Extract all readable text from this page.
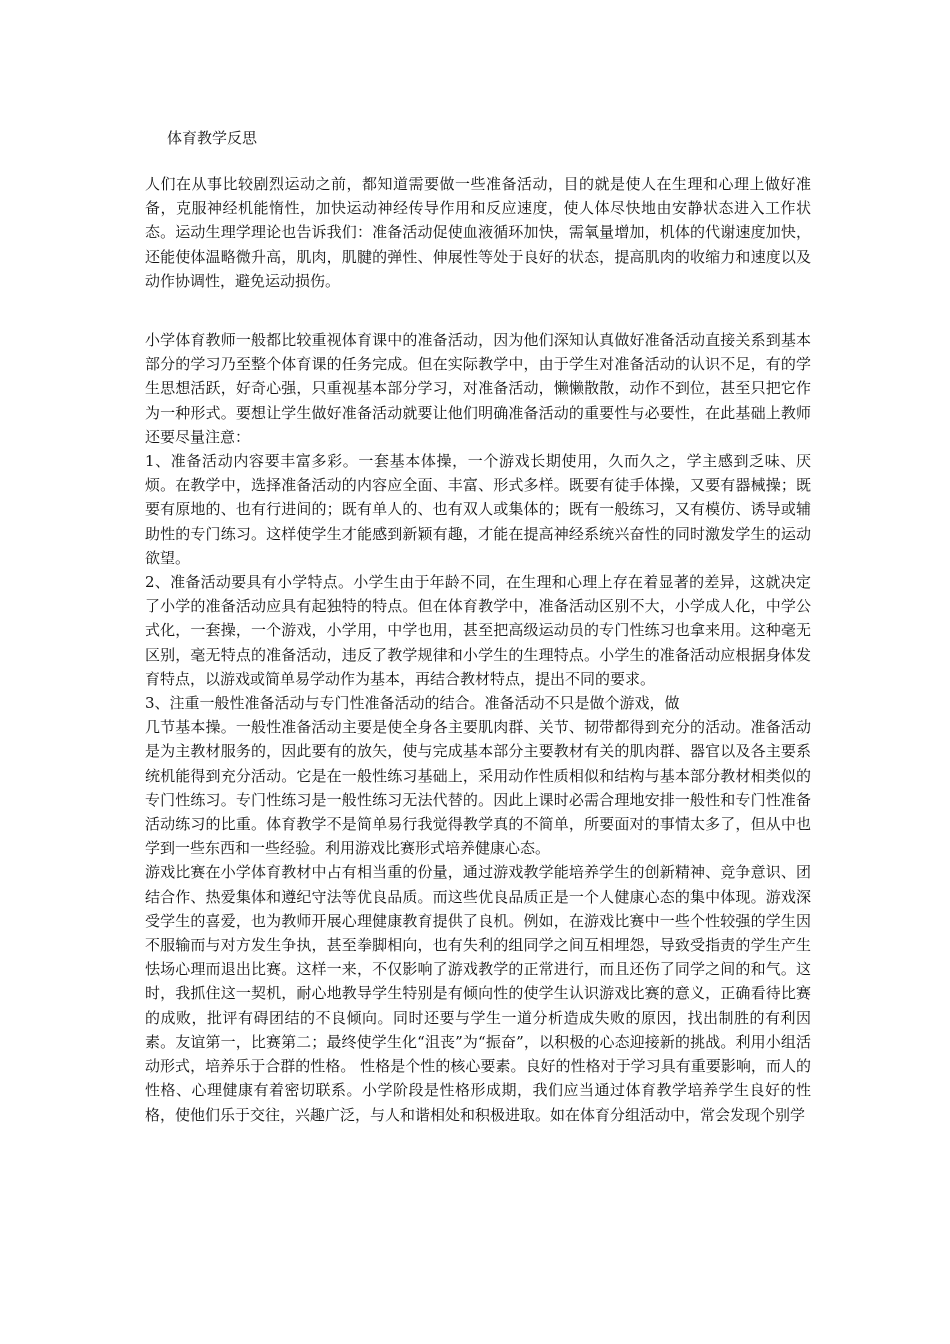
体育教学反思

人们在从事比较剧烈运动之前，都知道需要做一些准备活动，目的就是使人在生理和心理上做好准备，克服神经机能惰性，加快运动神经传导作用和反应速度，使人体尽快地由安静状态进入工作状态。运动生理学理论也告诉我们：准备活动促使血液循环加快，需氧量增加，机体的代谢速度加快，还能使体温略微升高，肌肉，肌腱的弹性、伸展性等处于良好的状态，提高肌肉的收缩力和速度以及动作协调性，避免运动损伤。

小学体育教师一般都比较重视体育课中的准备活动，因为他们深知认真做好准备活动直接关系到基本部分的学习乃至整个体育课的任务完成。但在实际教学中，由于学生对准备活动的认识不足，有的学生思想活跃，好奇心强，只重视基本部分学习，对准备活动，懒懒散散，动作不到位，甚至只把它作为一种形式。要想让学生做好准备活动就要让他们明确准备活动的重要性与必要性，在此基础上教师还要尽量注意：

1、准备活动内容要丰富多彩。一套基本体操，一个游戏长期使用，久而久之，学主感到乏味、厌烦。在教学中，选择准备活动的内容应全面、丰富、形式多样。既要有徒手体操，又要有器械操；既要有原地的、也有行进间的；既有单人的、也有双人或集体的；既有一般练习，又有模仿、诱导或辅助性的专门练习。这样使学生才能感到新颖有趣，才能在提高神经系统兴奋性的同时激发学生的运动欲望。

2、准备活动要具有小学特点。小学生由于年龄不同，在生理和心理上存在着显著的差异，这就决定了小学的准备活动应具有起独特的特点。但在体育教学中，准备活动区别不大，小学成人化，中学公式化，一套操，一个游戏，小学用，中学也用，甚至把高级运动员的专门性练习也拿来用。这种毫无区别，毫无特点的准备活动，违反了教学规律和小学生的生理特点。小学生的准备活动应根据身体发育特点，以游戏或简单易学动作为基本，再结合教材特点，提出不同的要求。

3、注重一般性准备活动与专门性准备活动的结合。准备活动不只是做个游戏，做

几节基本操。一般性准备活动主要是使全身各主要肌肉群、关节、韧带都得到充分的活动。准备活动是为主教材服务的，因此要有的放矢，使与完成基本部分主要教材有关的肌肉群、器官以及各主要系统机能得到充分活动。它是在一般性练习基础上，采用动作性质相似和结构与基本部分教材相类似的专门性练习。专门性练习是一般性练习无法代替的。因此上课时必需合理地安排一般性和专门性准备活动练习的比重。体育教学不是简单易行我觉得教学真的不简单，所要面对的事情太多了，但从中也 学到一些东西和一些经验。利用游戏比赛形式培养健康心态。

游戏比赛在小学体育教材中占有相当重的份量，通过游戏教学能培养学生的创新精神、竞争意识、团结合作、热爱集体和遵纪守法等优良品质。而这些优良品质正是一个人健康心态的集中体现。游戏深受学生的喜爱，也为教师开展心理健康教育提供了良机。例如，在游戏比赛中一些个性较强的学生因不服输而与对方发生争执，甚至拳脚相向，也有失利的组同学之间互相埋怨，导致受指责的学生产生怯场心理而退出比赛。这样一来，不仅影响了游戏教学的正常进行，而且还伤了同学之间的和气。这时，我抓住这一契机，耐心地教导学生特别是有倾向性的使学生认识游戏比赛的意义，正确看待比赛的成败，批评有碍团结的不良倾向。同时还要与学生一道分析造成失败的原因，找出制胜的有利因素。友谊第一，比赛第二；最终使学生化“沮丧”为“振奋”，以积极的心态迎接新的挑战。利用小组活动形式，培养乐于合群的性格。 性格是个性的核心要素。良好的性格对于学习具有重要影响，而人的性格、心理健康有着密切联系。小学阶段是性格形成期，我们应当通过体育教学培养学生良好的性格，使他们乐于交往，兴趣广泛，与人和谐相处和积极进取。如在体育分组活动中，常会发现个别学
